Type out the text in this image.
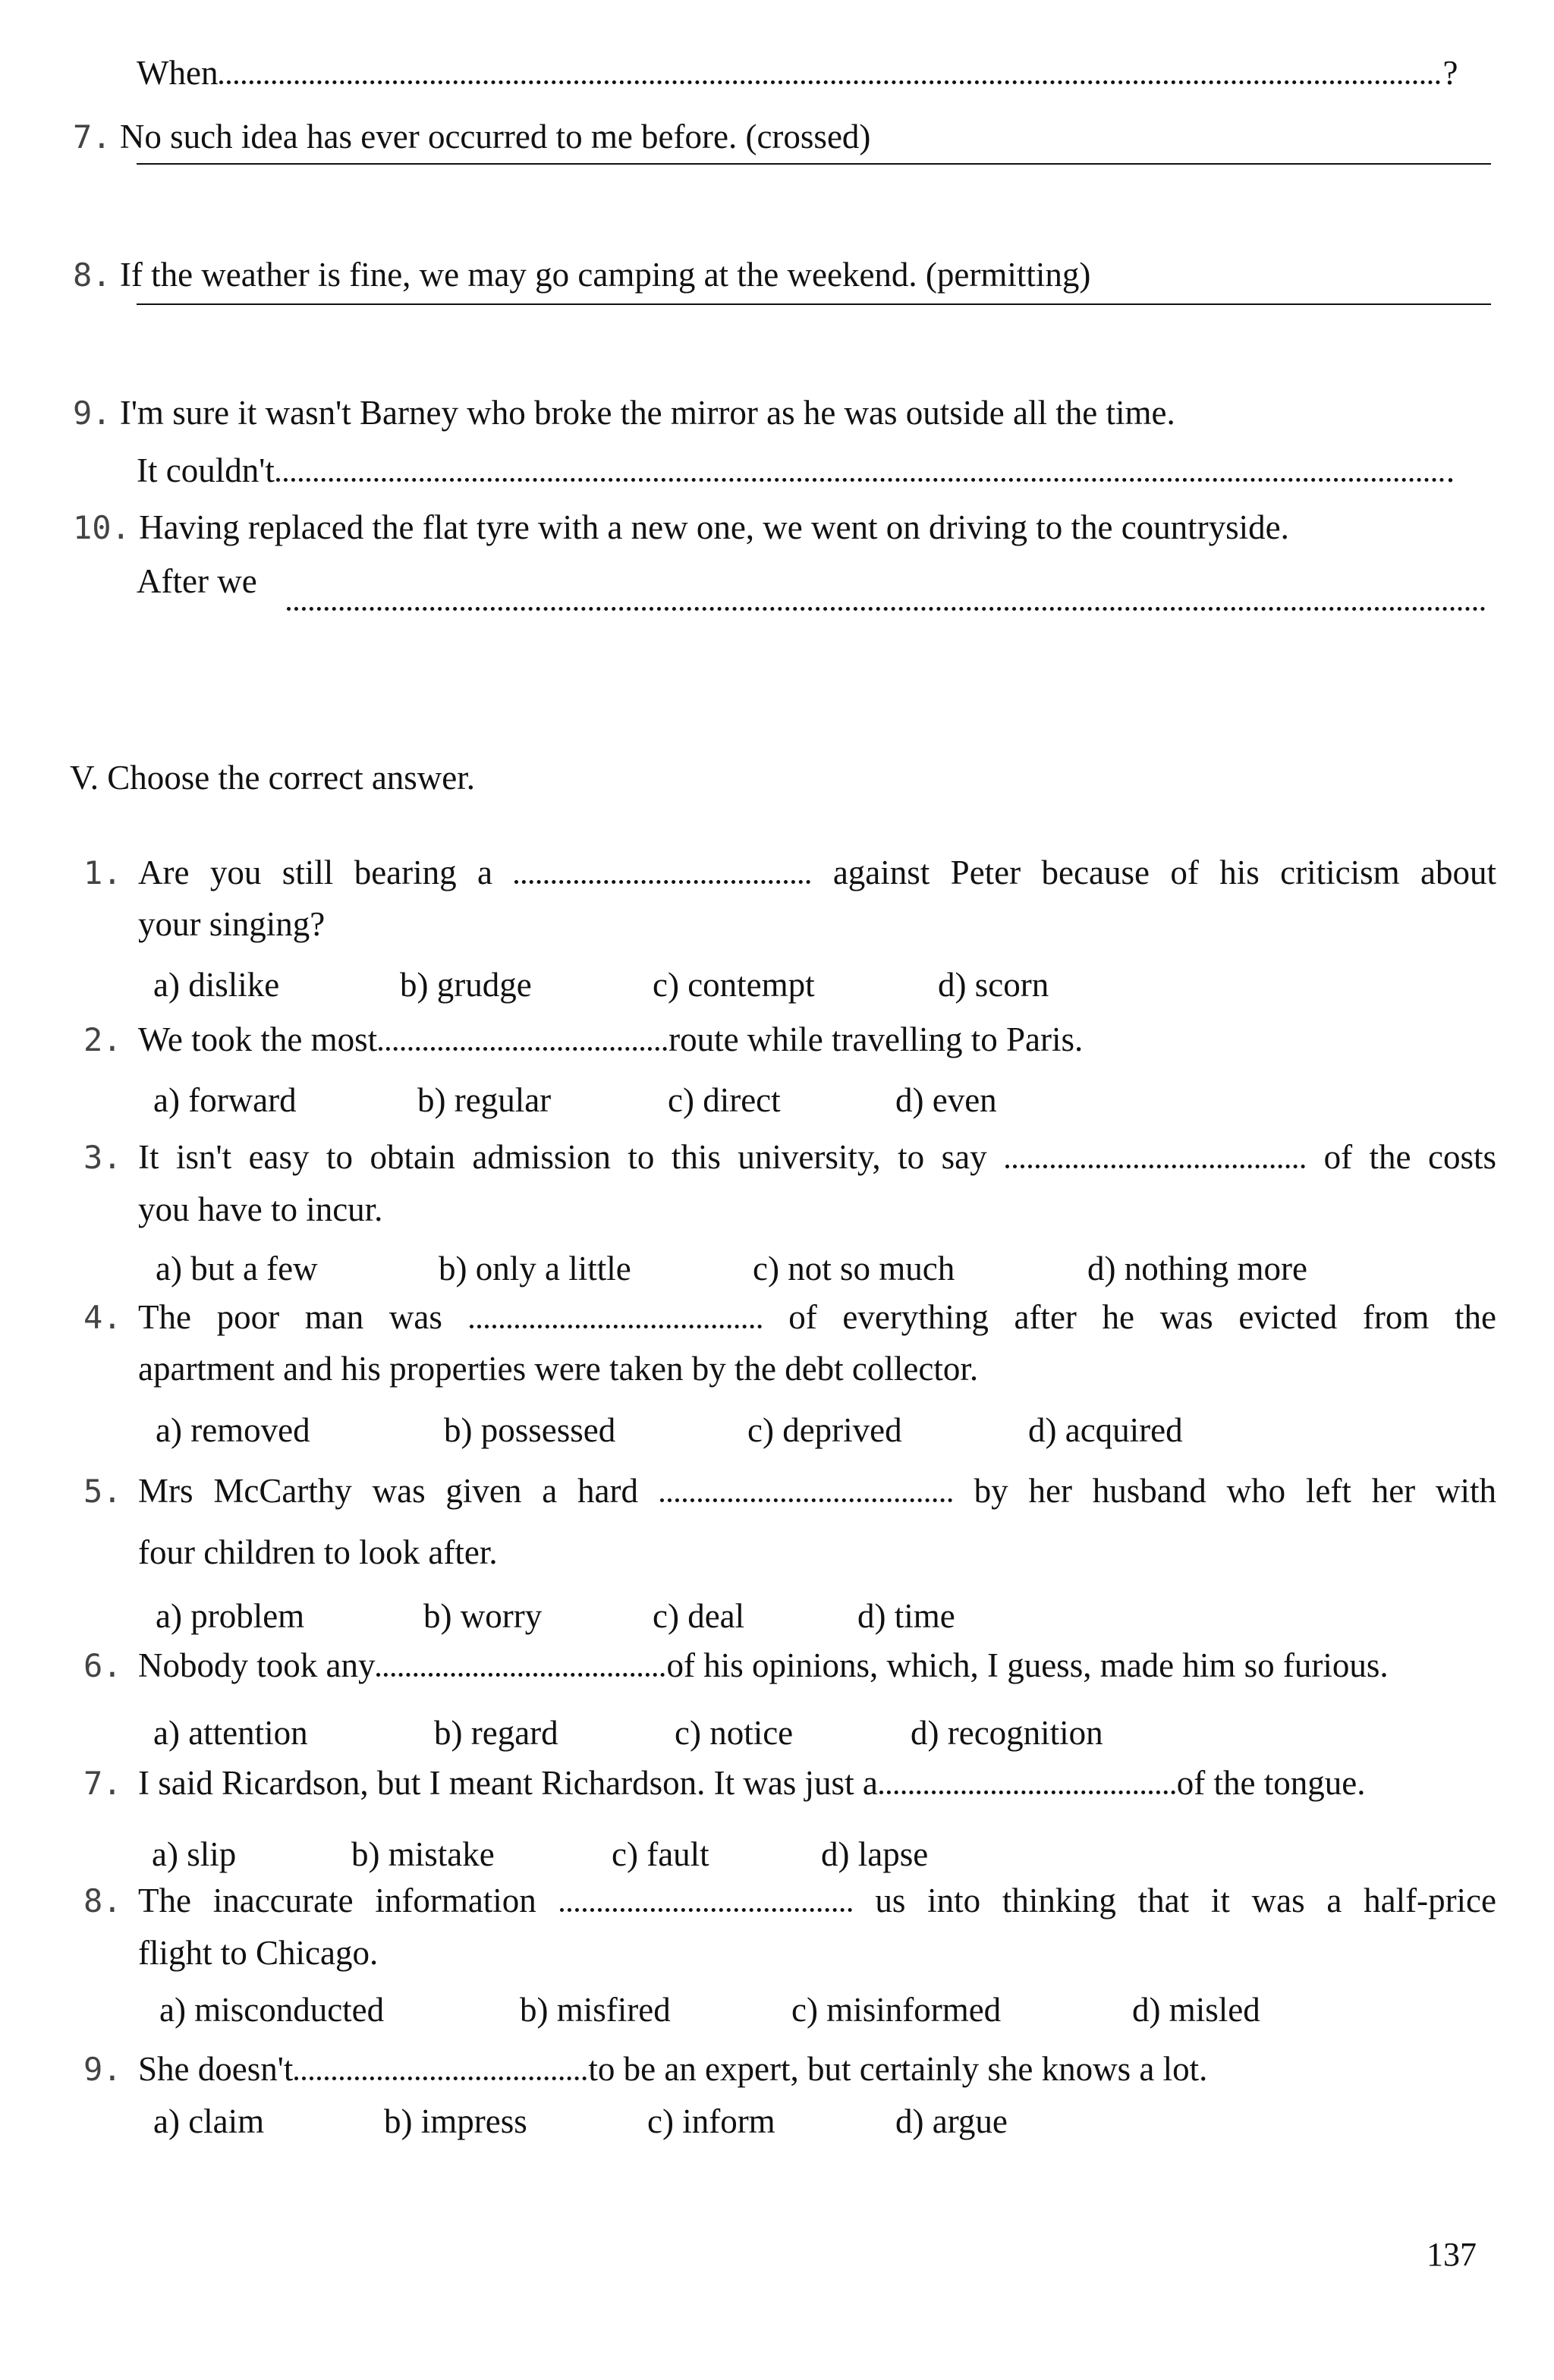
When	?
7 . No such idea has ever occurred to me before. (crossed)
8 . If the weather is fine, we may go camping at the weekend. (permitting)
9 . I'm sure it wasn't Barney who broke the mirror as he was outside all the time.
It couldn't	.
10 . Having replaced the flat tyre with a new one, we went on driving to the countryside.
After we
V. Choose the correct answer.
1 .	Are you still bearing a	against Peter because of his criticism about
your singing?
a) dislike	b) grudge	c) contempt	d) scorn
2 .	We took the most	route while travelling to Paris.
a) forward	b) regular	c) direct	d) even
3 .	It isn't easy to obtain admission to this university, to say	of the costs
you have to incur.
a) but a few	b) only a little	c) not so much	d) nothing more
4 .	The poor man was	of everything after he was evicted from the
apartment and his properties were taken by the debt collector.
a) removed	b) possessed	c) deprived	d) acquired
5 .	Mrs McCarthy was given a hard	by her husband who left her with
four children to look after.
a) problem	b) worry	c) deal	d) time
6 .	Nobody took any	of his opinions, which, I guess, made him so furious.
a) attention	b) regard	c) notice	d) recognition
7 .	I said Ricardson, but I meant Richardson. It was just a	of the tongue.
a) slip	b) mistake	c) fault	d) lapse
8 .	The inaccurate information	us into thinking that it was a half-price
flight to Chicago.
a) misconducted	b) misfired	c) misinformed	d) misled
9 .	She doesn't	to be an expert, but certainly she knows a lot.
a) claim	b) impress	c) inform	d) argue
137
